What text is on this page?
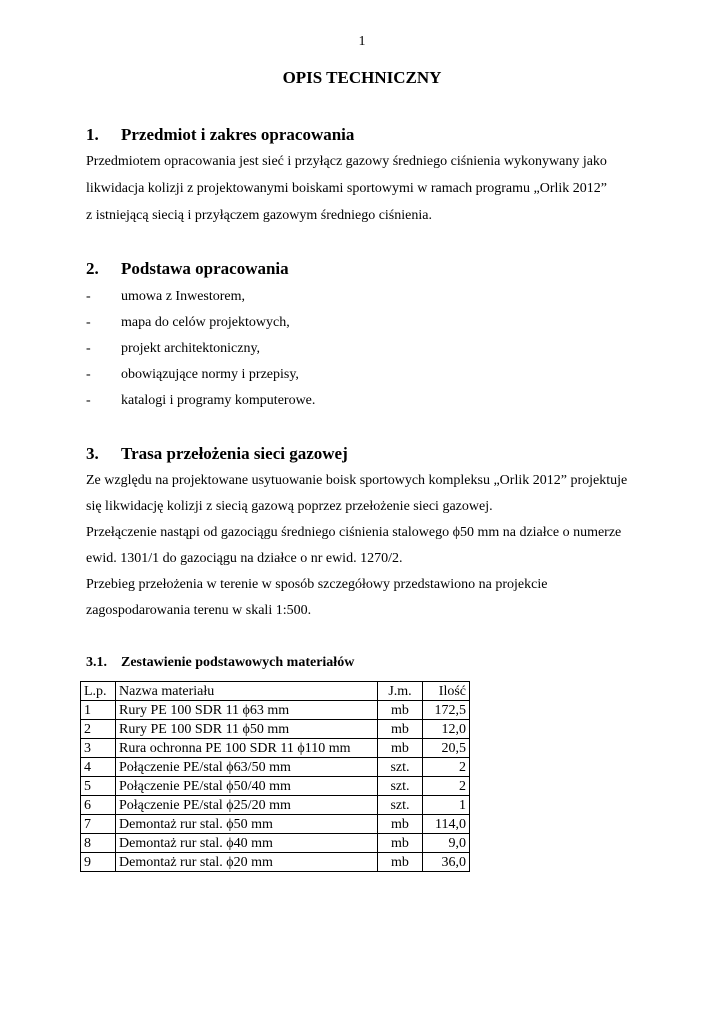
1
OPIS TECHNICZNY
1. Przedmiot i zakres opracowania
Przedmiotem opracowania jest sieć i przyłącz gazowy średniego ciśnienia wykonywany jako
likwidacja kolizji z projektowanymi boiskami sportowymi w ramach programu „Orlik 2012”
z istniejącą siecią i przyłączem gazowym średniego ciśnienia.
2. Podstawa opracowania
- umowa z Inwestorem,
- mapa do celów projektowych,
- projekt architektoniczny,
- obowiązujące normy i przepisy,
- katalogi i programy komputerowe.
3. Trasa przełożenia sieci gazowej
Ze względu na projektowane usytuowanie boisk sportowych kompleksu „Orlik 2012” projektuje
się likwidację kolizji z siecią gazową poprzez przełożenie sieci gazowej.
Przełączenie nastąpi od gazociągu średniego ciśnienia stalowego ϕ50 mm na działce o numerze
ewid. 1301/1 do gazociągu na działce o nr ewid. 1270/2.
Przebieg przełożenia w terenie w sposób szczegółowy przedstawiono na projekcie
zagospodarowania terenu w skali 1:500.
3.1. Zestawienie podstawowych materiałów
L.p.	Nazwa materiału	J.m.	Ilość
1	Rury PE 100 SDR 11 ϕ63 mm	mb	172,5
2	Rury PE 100 SDR 11 ϕ50 mm	mb	12,0
3	Rura ochronna PE 100 SDR 11 ϕ110 mm	mb	20,5
4	Połączenie PE/stal ϕ63/50 mm	szt.	2
5	Połączenie PE/stal ϕ50/40 mm	szt.	2
6	Połączenie PE/stal ϕ25/20 mm	szt.	1
7	Demontaż rur stal. ϕ50 mm	mb	114,0
8	Demontaż rur stal. ϕ40 mm	mb	9,0
9	Demontaż rur stal. ϕ20 mm	mb	36,0
